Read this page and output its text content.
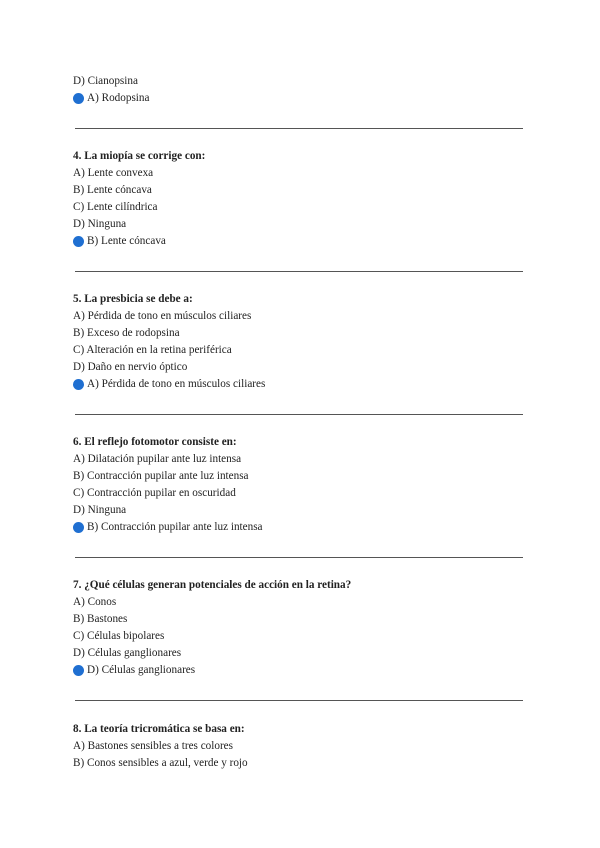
D) Cianopsina
A) Rodopsina
4. La miopía se corrige con:
A) Lente convexa
B) Lente cóncava
C) Lente cilíndrica
D) Ninguna
B) Lente cóncava
5. La presbicia se debe a:
A) Pérdida de tono en músculos ciliares
B) Exceso de rodopsina
C) Alteración en la retina periférica
D) Daño en nervio óptico
A) Pérdida de tono en músculos ciliares
6. El reflejo fotomotor consiste en:
A) Dilatación pupilar ante luz intensa
B) Contracción pupilar ante luz intensa
C) Contracción pupilar en oscuridad
D) Ninguna
B) Contracción pupilar ante luz intensa
7. ¿Qué células generan potenciales de acción en la retina?
A) Conos
B) Bastones
C) Células bipolares
D) Células ganglionares
D) Células ganglionares
8. La teoría tricromática se basa en:
A) Bastones sensibles a tres colores
B) Conos sensibles a azul, verde y rojo
